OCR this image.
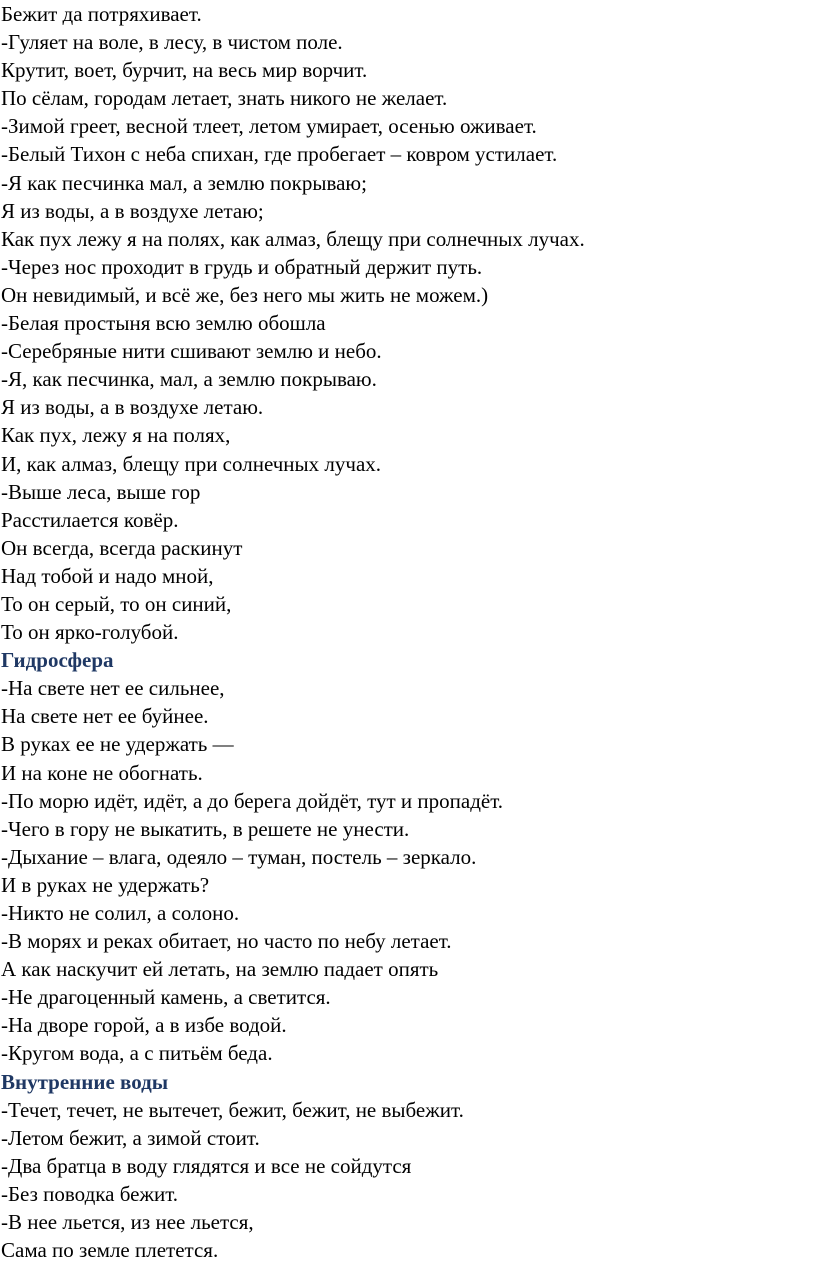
Бежит да потряхивает.
-Гуляет на воле, в лесу, в чистом поле.
Крутит, воет, бурчит, на весь мир ворчит.
По сёлам, городам летает, знать никого не желает.
-Зимой греет, весной тлеет, летом умирает, осенью оживает.
-Белый Тихон с неба спихан, где пробегает – ковром устилает.
-Я как песчинка мал, а землю покрываю;
Я из воды, а в воздухе летаю;
Как пух лежу я на полях, как алмаз, блещу при солнечных лучах.
-Через нос проходит в грудь и обратный держит путь.
Он невидимый, и всё же, без него мы жить не можем.)
-Белая простыня всю землю обошла
-Серебряные нити сшивают землю и небо.
-Я, как песчинка, мал, а землю покрываю.
Я из воды, а в воздухе летаю.
Как пух, лежу я на полях,
И, как алмаз, блещу при солнечных лучах.
-Выше леса, выше гор
Расстилается ковёр.
Он всегда, всегда раскинут
Над тобой и надо мной,
То он серый, то он синий,
То он ярко-голубой.
Гидросфера
-На свете нет ее сильнее,
На свете нет ее буйнее.
В руках ее не удержать —
И на коне не обогнать.
-По морю идёт, идёт, а до берега дойдёт, тут и пропадёт.
-Чего в гору не выкатить, в решете не унести.
-Дыхание – влага, одеяло – туман, постель – зеркало.
И в руках не удержать?
-Никто не солил, а солоно.
-В морях и реках обитает, но часто по небу летает.
А как наскучит ей летать, на землю падает опять
-Не драгоценный камень, а светится.
-На дворе горой, а в избе водой.
-Кругом вода, а с питьём беда.
Внутренние воды
-Течет, течет, не вытечет, бежит, бежит, не выбежит.
-Летом бежит, а зимой стоит.
-Два братца в воду глядятся и все не сойдутся
-Без поводка бежит.
-В нее льется, из нее льется,
Сама по земле плетется.
